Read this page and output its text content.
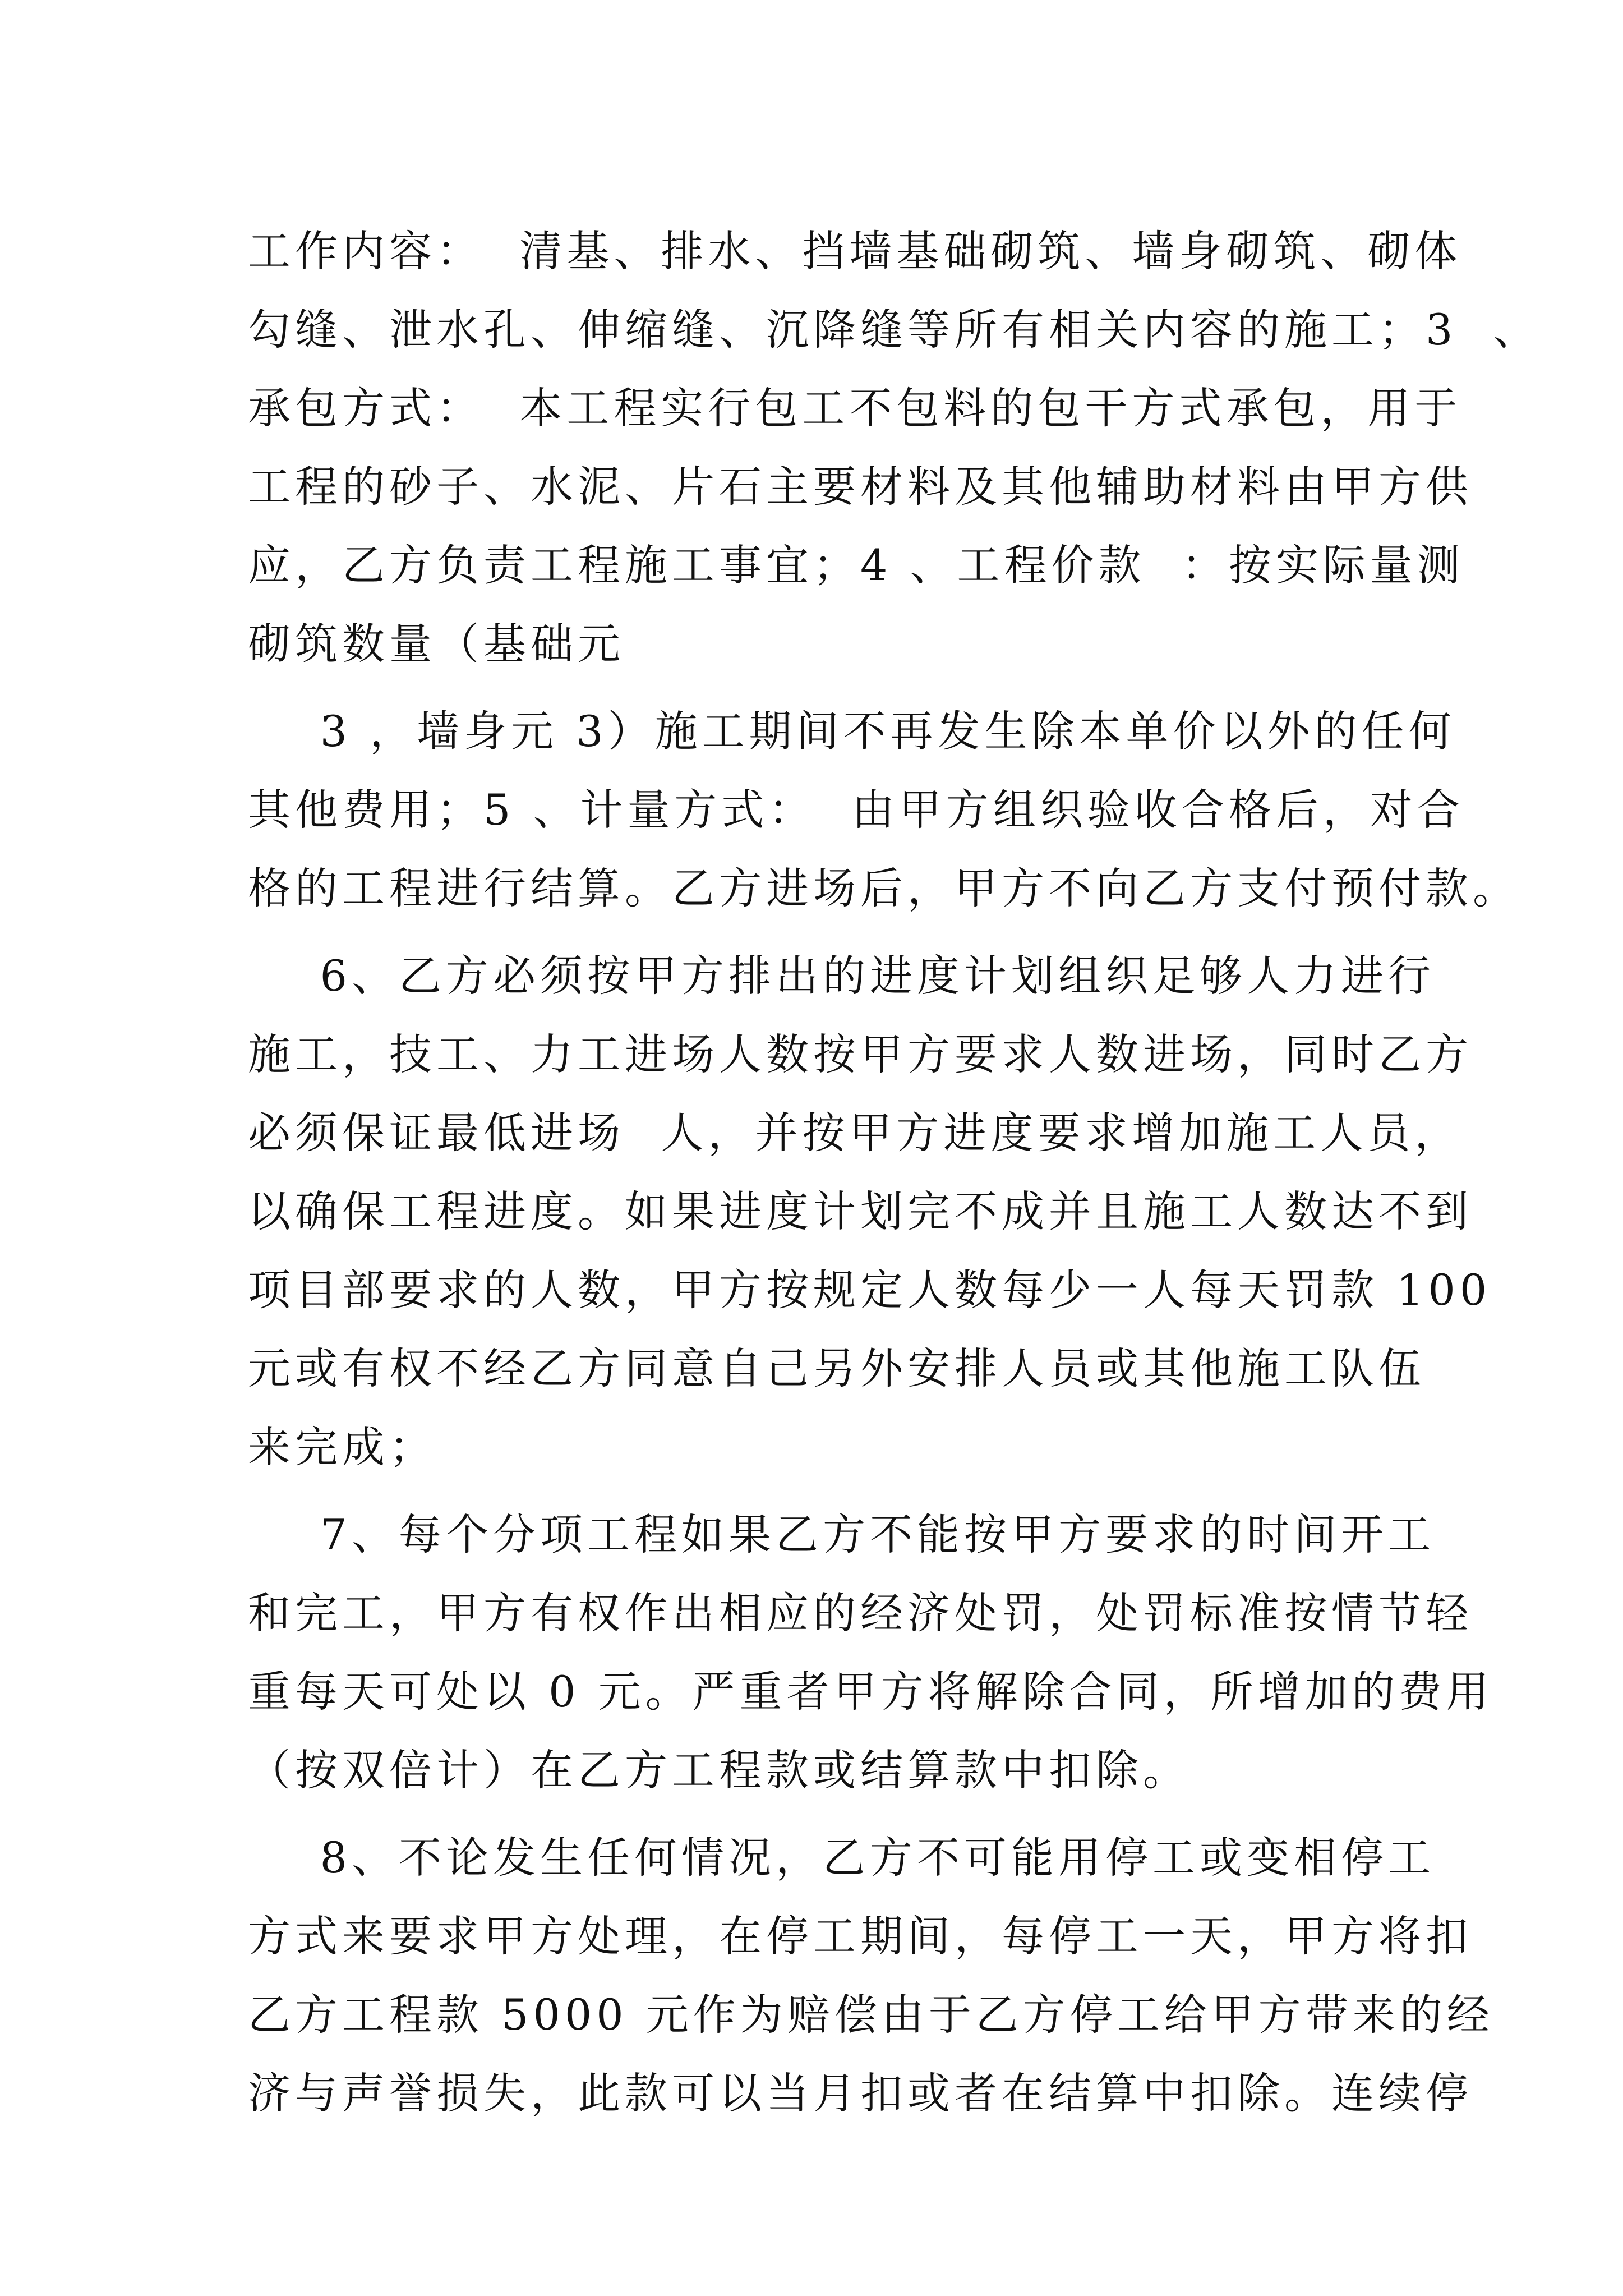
工作内容：  清基、排水、挡墙基础砌筑、墙身砌筑、砌体
勾缝、泄水孔、伸缩缝、沉降缝等所有相关内容的施工；3  、
承包方式：  本工程实行包工不包料的包干方式承包，用于
工程的砂子、水泥、片石主要材料及其他辅助材料由甲方供
应，乙方负责工程施工事宜；4 、工程价款  ：按实际量测
砌筑数量（基础元
3 ，墙身元 3）施工期间不再发生除本单价以外的任何
其他费用；5 、计量方式：  由甲方组织验收合格后，对合
格的工程进行结算。乙方进场后，甲方不向乙方支付预付款。
6、乙方必须按甲方排出的进度计划组织足够人力进行
施工，技工、力工进场人数按甲方要求人数进场，同时乙方
必须保证最低进场  人，并按甲方进度要求增加施工人员，
以确保工程进度。如果进度计划完不成并且施工人数达不到
项目部要求的人数，甲方按规定人数每少一人每天罚款 100
元或有权不经乙方同意自己另外安排人员或其他施工队伍
来完成；
7、每个分项工程如果乙方不能按甲方要求的时间开工
和完工，甲方有权作出相应的经济处罚，处罚标准按情节轻
重每天可处以 0 元。严重者甲方将解除合同，所增加的费用
（按双倍计）在乙方工程款或结算款中扣除。
8、不论发生任何情况，乙方不可能用停工或变相停工
方式来要求甲方处理，在停工期间，每停工一天，甲方将扣
乙方工程款 5000 元作为赔偿由于乙方停工给甲方带来的经
济与声誉损失，此款可以当月扣或者在结算中扣除。连续停
